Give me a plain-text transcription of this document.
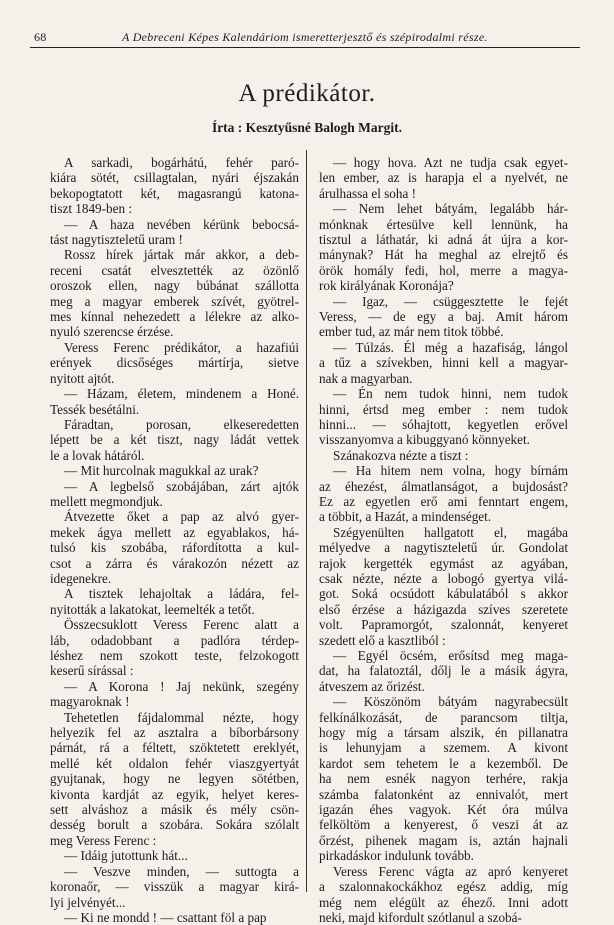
68	A Debreceni Képes Kalendáriom ismeretterjesztő és szépirodalmi része.
A prédikátor.
Írta : Kesztyűsné Balogh Margit.
A sarkadi, bogárhátú, fehér paró-
kiára sötét, csillagtalan, nyári éjszakán
bekopogtatott két, magasrangú katona-
tiszt 1849-ben :
— A haza nevében kérünk bebocsá-
tást nagytiszteletű uram !
Rossz hírek jártak már akkor, a deb-
receni csatát elvesztették az özönlő
oroszok ellen, nagy búbánat szállotta
meg a magyar emberek szívét, gyötrel-
mes kínnal nehezedett a lélekre az alko-
nyuló szerencse érzése.
Veress Ferenc prédikátor, a hazafiúi
erények dicsőséges mártírja, sietve
nyitott ajtót.
— Házam, életem, mindenem a Honé.
Tessék besétálni.
Fáradtan, porosan, elkeseredetten
lépett be a két tiszt, nagy ládát vettek
le a lovak hátáról.
— Mit hurcolnak magukkal az urak?
— A legbelső szobájában, zárt ajtók
mellett megmondjuk.
Átvezette őket a pap az alvó gyer-
mekek ágya mellett az egyablakos, há-
tulsó kis szobába, ráfordította a kul-
csot a zárra és várakozón nézett az
idegenekre.
A tisztek lehajoltak a ládára, fel-
nyitották a lakatokat, leemelték a tetőt.
Összecsuklott Veress Ferenc alatt a
láb, odadobbant a padlóra térdep-
léshez nem szokott teste, felzokogott
keserű sírással :
— A Korona ! Jaj nekünk, szegény
magyaroknak !
Tehetetlen fájdalommal nézte, hogy
helyezik fel az asztalra a bíborbársony
párnát, rá a féltett, szöktetett ereklyét,
mellé két oldalon fehér viaszgyertyát
gyujtanak, hogy ne legyen sötétben,
kivonta kardját az egyik, helyet keres-
sett alváshoz a másik és mély csön-
desség borult a szobára. Sokára szólalt
meg Veress Ferenc :
— Idáig jutottunk hát...
— Veszve minden, — suttogta a
koronaőr, — visszük a magyar kirá-
lyi jelvényét...
— Ki ne mondd ! — csattant föl a pap
— hogy hova. Azt ne tudja csak egyet-
len ember, az is harapja el a nyelvét, ne
árulhassa el soha !
— Nem lehet bátyám, legalább hár-
mónknak értesülve kell lennünk, ha
tisztul a láthatár, ki adná át újra a kor-
mánynak? Hát ha meghal az elrejtő és
örök homály fedi, hol, merre a magya-
rok királyának Koronája?
— Igaz, — csüggesztette le fejét
Veress, — de egy a baj. Amit három
ember tud, az már nem titok többé.
— Túlzás. Él még a hazafiság, lángol
a tűz a szívekben, hinni kell a magyar-
nak a magyarban.
— Én nem tudok hinni, nem tudok
hinni, értsd meg ember : nem tudok
hinni... — sóhajtott, kegyetlen erővel
visszanyomva a kibuggyanó könnyeket.
Szánakozva nézte a tiszt :
— Ha hitem nem volna, hogy bírnám
az éhezést, álmatlanságot, a bujdosást?
Ez az egyetlen erő ami fenntart engem,
a többit, a Hazát, a mindenséget.
Szégyenülten hallgatott el, magába
mélyedve a nagytiszteletű úr. Gondolat
rajok kergették egymást az agyában,
csak nézte, nézte a lobogó gyertya vilá-
got. Soká ocsúdott kábulatából s akkor
első érzése a házigazda szíves szeretete
volt. Papramorgót, szalonnát, kenyeret
szedett elő a kasztliból :
— Egyél öcsém, erősítsd meg maga-
dat, ha falatoztál, dőlj le a másik ágyra,
átveszem az őrizést.
— Köszönöm bátyám nagyrabecsült
felkínálkozását, de parancsom tiltja,
hogy míg a társam alszik, én pillanatra
is lehunyjam a szemem. A kivont
kardot sem tehetem le a kezemből. De
ha nem esnék nagyon terhére, rakja
számba falatonként az ennivalót, mert
igazán éhes vagyok. Két óra múlva
felköltöm a kenyerest, ő veszi át az
őrzést, pihenek magam is, aztán hajnali
pirkadáskor indulunk tovább.
Veress Ferenc vágta az apró kenyeret
a szalonnakockákhoz egész addig, míg
még nem elégült az éhező. Inni adott
neki, majd kifordult szótlanul a szobá-
